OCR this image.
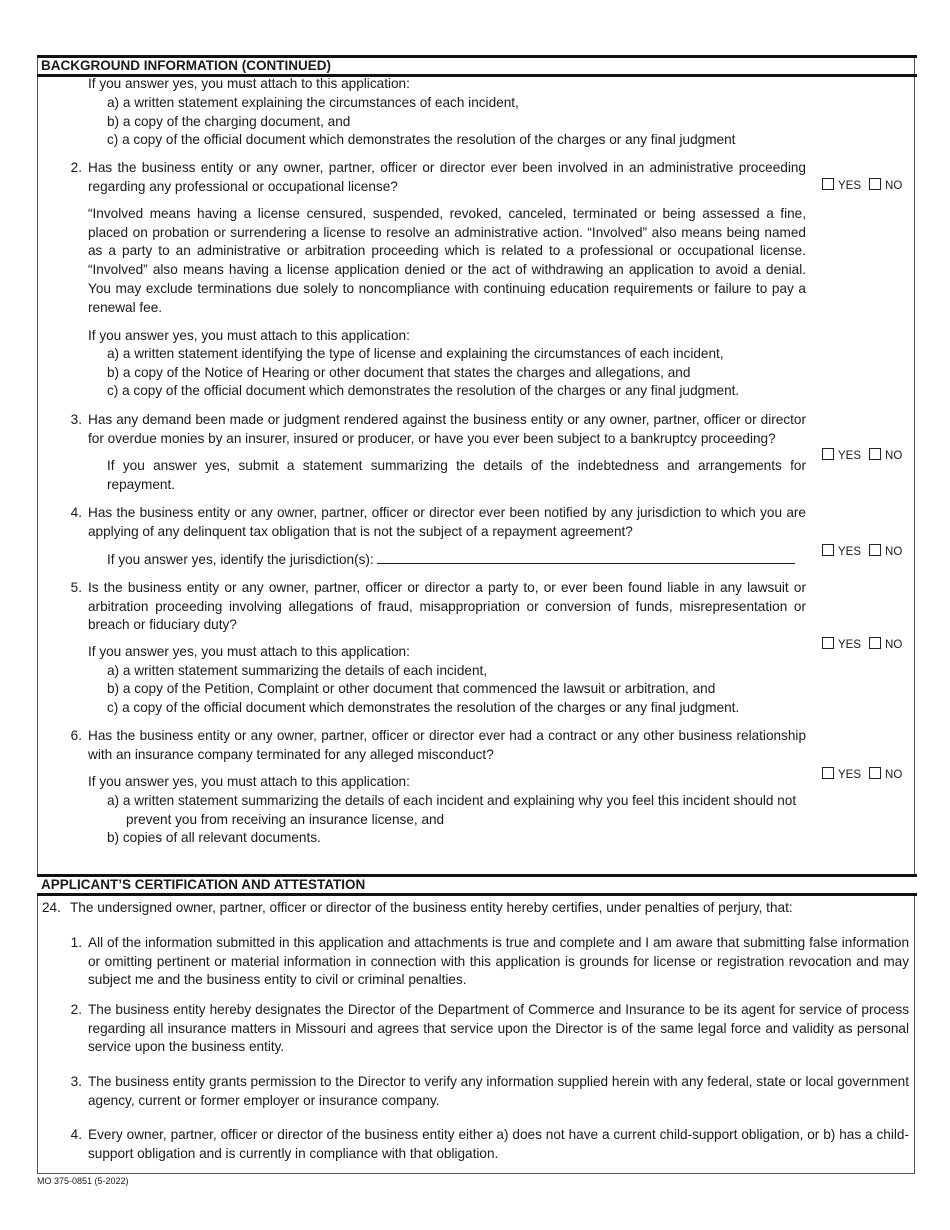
BACKGROUND INFORMATION (CONTINUED)
If you answer yes, you must attach to this application:
a) a written statement explaining the circumstances of each incident,
b) a copy of the charging document, and
c) a copy of the official document which demonstrates the resolution of the charges or any final judgment
2. Has the business entity or any owner, partner, officer or director ever been involved in an administrative proceeding regarding any professional or occupational license?	YES NO
“Involved means having a license censured, suspended, revoked, canceled, terminated or being assessed a fine, placed on probation or surrendering a license to resolve an administrative action. “Involved” also means being named as a party to an administrative or arbitration proceeding which is related to a professional or occupational license. “Involved” also means having a license application denied or the act of withdrawing an application to avoid a denial. You may exclude terminations due solely to noncompliance with continuing education requirements or failure to pay a renewal fee.
If you answer yes, you must attach to this application:
a) a written statement identifying the type of license and explaining the circumstances of each incident,
b) a copy of the Notice of Hearing or other document that states the charges and allegations, and
c) a copy of the official document which demonstrates the resolution of the charges or any final judgment.
3. Has any demand been made or judgment rendered against the business entity or any owner, partner, officer or director for overdue monies by an insurer, insured or producer, or have you ever been subject to a bankruptcy proceeding?
YES NO
If you answer yes, submit a statement summarizing the details of the indebtedness and arrangements for repayment.
4. Has the business entity or any owner, partner, officer or director ever been notified by any jurisdiction to which you are applying of any delinquent tax obligation that is not the subject of a repayment agreement?
YES NO
If you answer yes, identify the jurisdiction(s):
5. Is the business entity or any owner, partner, officer or director a party to, or ever been found liable in any lawsuit or arbitration proceeding involving allegations of fraud, misappropriation or conversion of funds, misrepresentation or breach or fiduciary duty?
YES NO
If you answer yes, you must attach to this application:
a) a written statement summarizing the details of each incident,
b) a copy of the Petition, Complaint or other document that commenced the lawsuit or arbitration, and
c) a copy of the official document which demonstrates the resolution of the charges or any final judgment.
6. Has the business entity or any owner, partner, officer or director ever had a contract or any other business relationship with an insurance company terminated for any alleged misconduct?
YES NO
If you answer yes, you must attach to this application:
a) a written statement summarizing the details of each incident and explaining why you feel this incident should not prevent you from receiving an insurance license, and
b) copies of all relevant documents.
APPLICANT’S CERTIFICATION AND ATTESTATION
24. The undersigned owner, partner, officer or director of the business entity hereby certifies, under penalties of perjury, that:
1. All of the information submitted in this application and attachments is true and complete and I am aware that submitting false information or omitting pertinent or material information in connection with this application is grounds for license or registration revocation and may subject me and the business entity to civil or criminal penalties.
2. The business entity hereby designates the Director of the Department of Commerce and Insurance to be its agent for service of process regarding all insurance matters in Missouri and agrees that service upon the Director is of the same legal force and validity as personal service upon the business entity.
3. The business entity grants permission to the Director to verify any information supplied herein with any federal, state or local government agency, current or former employer or insurance company.
4. Every owner, partner, officer or director of the business entity either a) does not have a current child-support obligation, or b) has a child-support obligation and is currently in compliance with that obligation.
MO 375-0851 (5-2022)
